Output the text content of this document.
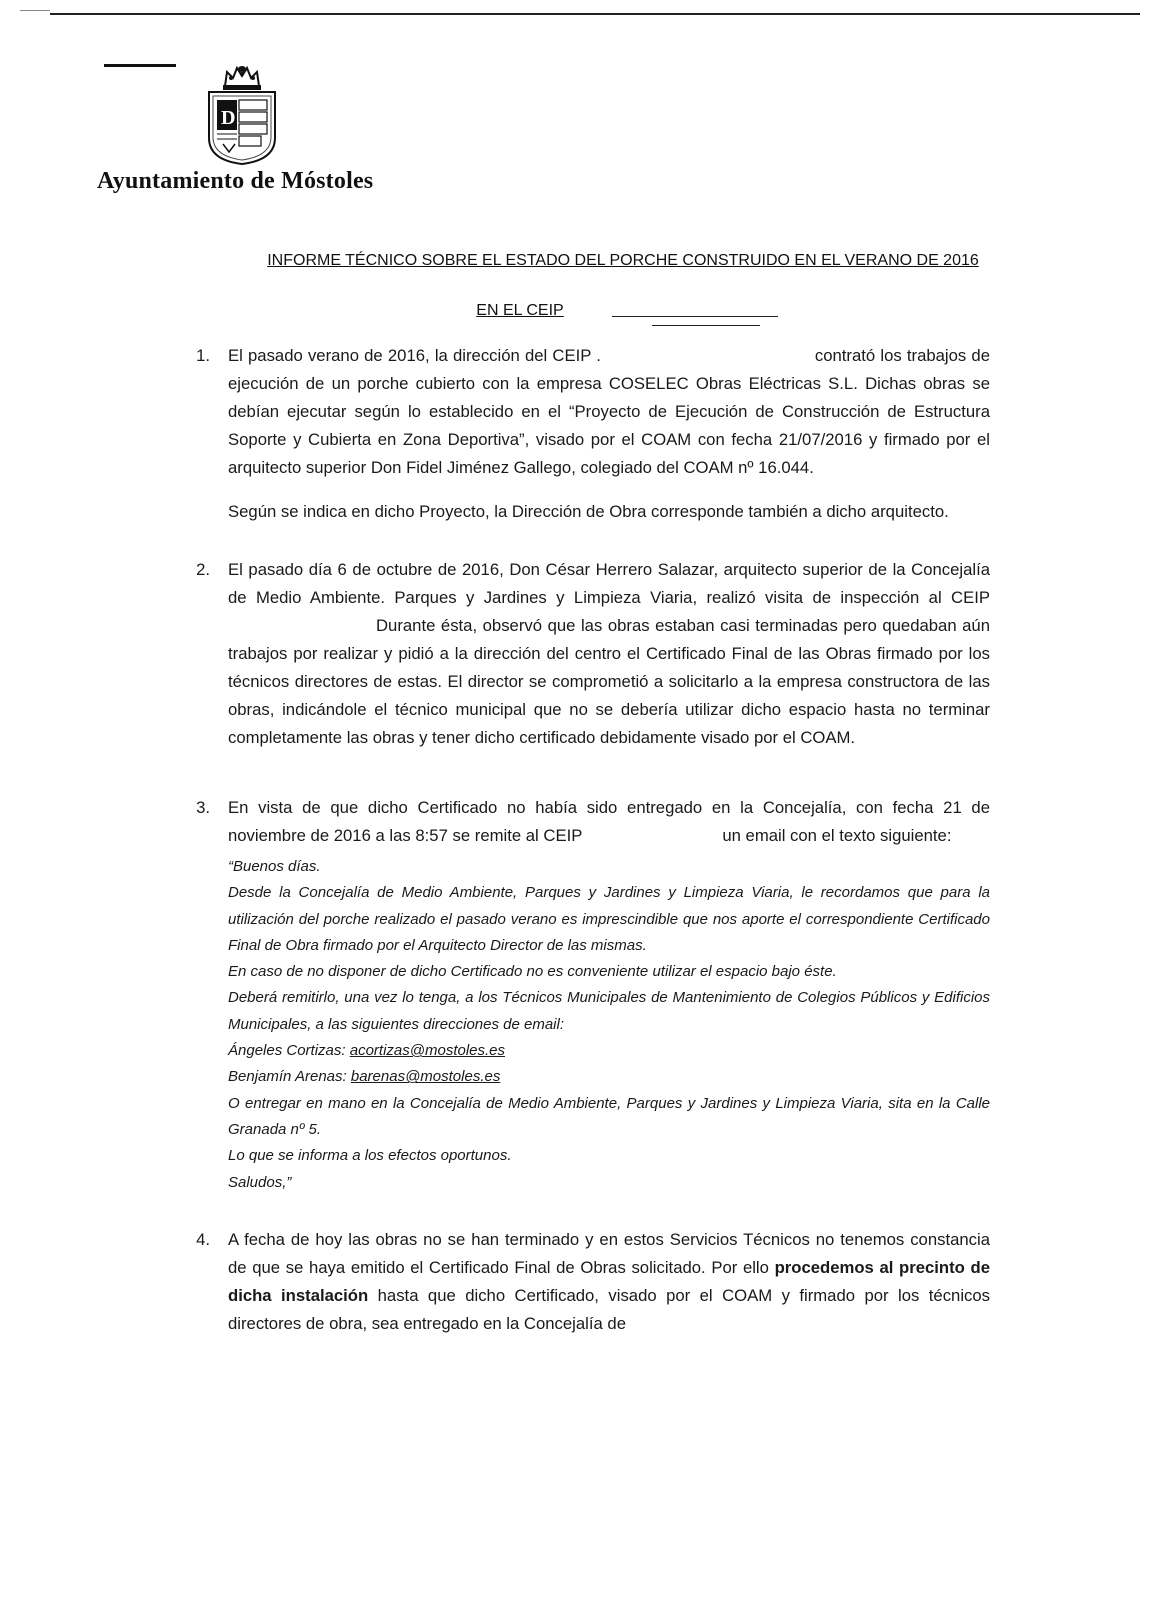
D
Ayuntamiento de Móstoles
INFORME TÉCNICO SOBRE EL ESTADO DEL PORCHE CONSTRUIDO EN EL VERANO DE 2016
EN EL CEIP
1. El pasado verano de 2016, la dirección del CEIP .	contrató los trabajos de ejecución de un porche cubierto con la empresa COSELEC Obras Eléctricas S.L. Dichas obras se debían ejecutar según lo establecido en el “Proyecto de Ejecución de Construcción de Estructura Soporte y Cubierta en Zona Deportiva”, visado por el COAM con fecha 21/07/2016 y firmado por el arquitecto superior Don Fidel Jiménez Gallego, colegiado del COAM nº 16.044.

Según se indica en dicho Proyecto, la Dirección de Obra corresponde también a dicho arquitecto.

2. El pasado día 6 de octubre de 2016, Don César Herrero Salazar, arquitecto superior de la Concejalía de Medio Ambiente. Parques y Jardines y Limpieza Viaria, realizó visita de inspección al CEIPDurante ésta, observó que las obras estaban casi terminadas pero quedaban aún trabajos por realizar y pidió a la dirección del centro el Certificado Final de las Obras firmado por los técnicos directores de estas. El director se comprometió a solicitarlo a la empresa constructora de las obras, indicándole el técnico municipal que no se debería utilizar dicho espacio hasta no terminar completamente las obras y tener dicho certificado debidamente visado por el COAM.

3. En vista de que dicho Certificado no había sido entregado en la Concejalía, con fecha 21 de noviembre de 2016 a las 8:57 se remite al CEIP	un email con el texto siguiente:

“Buenos días.
Desde la Concejalía de Medio Ambiente, Parques y Jardines y Limpieza Viaria, le recordamos que para la utilización del porche realizado el pasado verano es imprescindible que nos aporte el correspondiente Certificado Final de Obra firmado por el Arquitecto Director de las mismas.
En caso de no disponer de dicho Certificado no es conveniente utilizar el espacio bajo éste.
Deberá remitirlo, una vez lo tenga, a los Técnicos Municipales de Mantenimiento de Colegios Públicos y Edificios Municipales, a las siguientes direcciones de email:
Ángeles Cortizas: acortizas@mostoles.es
Benjamín Arenas: barenas@mostoles.es
O entregar en mano en la Concejalía de Medio Ambiente, Parques y Jardines y Limpieza Viaria, sita en la Calle Granada nº 5.
Lo que se informa a los efectos oportunos.
Saludos,”
4. A fecha de hoy las obras no se han terminado y en estos Servicios Técnicos no tenemos constancia de que se haya emitido el Certificado Final de Obras solicitado. Por ello procedemos al precinto de dicha instalación hasta que dicho Certificado, visado por el COAM y firmado por los técnicos directores de obra, sea entregado en la Concejalía de
